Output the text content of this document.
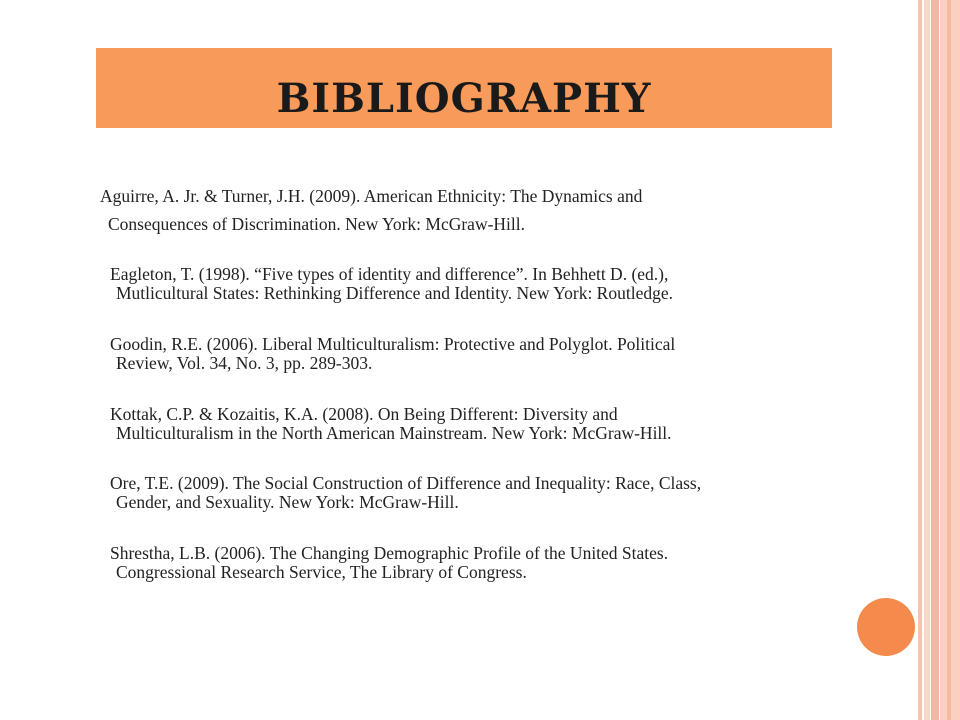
BIBLIOGRAPHY
Aguirre, A. Jr. & Turner, J.H. (2009). American Ethnicity: The Dynamics and
Consequences of Discrimination. New York: McGraw-Hill.
Eagleton, T. (1998). “Five types of identity and difference”. In Behhett D. (ed.),
Mutlicultural States: Rethinking Difference and Identity. New York: Routledge.
Goodin, R.E. (2006). Liberal Multiculturalism: Protective and Polyglot. Political
Review, Vol. 34, No. 3, pp. 289-303.
Kottak, C.P. & Kozaitis, K.A. (2008). On Being Different: Diversity and
Multiculturalism in the North American Mainstream. New York: McGraw-Hill.
Ore, T.E. (2009). The Social Construction of Difference and Inequality: Race, Class,
Gender, and Sexuality. New York: McGraw-Hill.
Shrestha, L.B. (2006). The Changing Demographic Profile of the United States.
Congressional Research Service, The Library of Congress.
